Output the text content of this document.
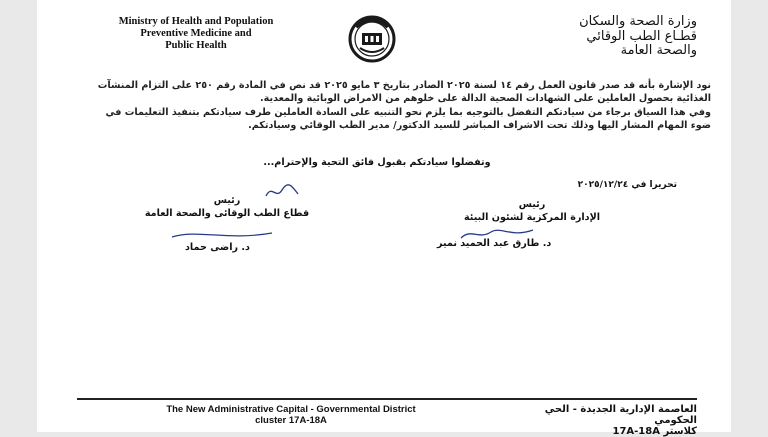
Ministry of Health and Population
Preventive Medicine and
Public Health
وزارة الصحة والسكان
قطـاع الطب الوقائي
والصحة العامة

نود الإشارة بأنه قد صدر قانون العمل رقم ١٤ لسنة ٢٠٢٥ الصادر بتاريخ ٣ مايو ٢٠٢٥ قد نص في المادة رقم ٢٥٠ على التزام المنشآت الغذائية بحصول العاملين على الشهادات الصحية الدالة على خلوهم من الامراض الوبائية والمعدية.

وفي هذا السياق برجاء من سيادتكم التفضل بالتوجيه بما يلزم نحو التنبيه على السادة العاملين طرف سيادتكم بتنفيذ التعليمات في ضوء المهام المشار اليها وذلك تحت الاشراف المباشر للسيد الدكتور/ مدير الطب الوقائي وسيادتكم.

وتفضلوا سيادتكم بقبول فائق التحية والإحترام...
تحريرا في ٢٠٢٥/١٢/٢٤
رئيس
قطاع الطب الوقائى والصحة العامة
د. راضى حماد
رئيس
الإدارة المركزية لشئون البيئة
د. طارق عبد الحميد نمير
The New Administrative Capital - Governmental District
cluster 17A-18A
العاصمة الإدارية الجديدة - الحي الحكومي
كلاستر 17A-18A
